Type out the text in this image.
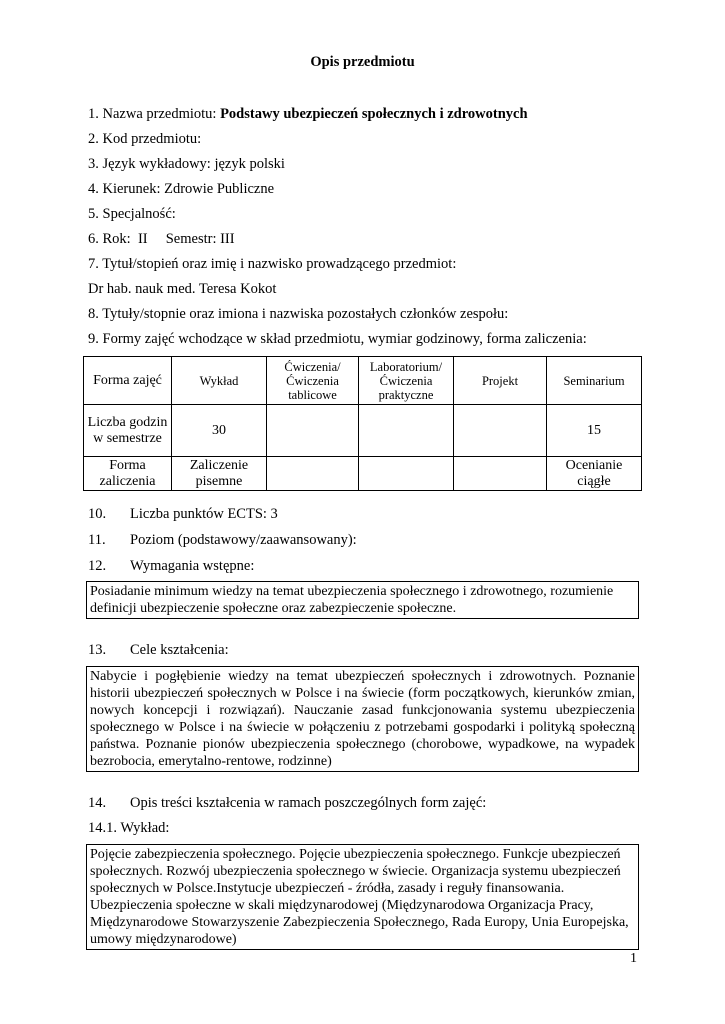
Opis przedmiotu
1. Nazwa przedmiotu: Podstawy ubezpieczeń społecznych i zdrowotnych
2. Kod przedmiotu:
3. Język wykładowy: język polski
4. Kierunek: Zdrowie Publiczne
5. Specjalność:
6. Rok:  II     Semestr: III
7. Tytuł/stopień oraz imię i nazwisko prowadzącego przedmiot:
Dr hab. nauk med. Teresa Kokot
8. Tytuły/stopnie oraz imiona i nazwiska pozostałych członków zespołu:
9. Formy zajęć wchodzące w skład przedmiotu, wymiar godzinowy, forma zaliczenia:
Forma zajęć	Wykład	Ćwiczenia/ Ćwiczenia tablicowe	Laboratorium/ Ćwiczenia praktyczne	Projekt	Seminarium
Liczba godzin w semestrze	30				15
Forma zaliczenia	Zaliczenie pisemne				Ocenianie ciągłe
10. Liczba punktów ECTS: 3
11. Poziom (podstawowy/zaawansowany):
12. Wymagania wstępne:
Posiadanie minimum wiedzy na temat ubezpieczenia społecznego i zdrowotnego, rozumienie definicji ubezpieczenie społeczne oraz zabezpieczenie społeczne.
13. Cele kształcenia:
Nabycie i pogłębienie wiedzy na temat ubezpieczeń społecznych i zdrowotnych. Poznanie historii ubezpieczeń społecznych w Polsce i na świecie (form początkowych, kierunków zmian, nowych koncepcji i rozwiązań). Nauczanie zasad funkcjonowania systemu ubezpieczenia społecznego w Polsce i na świecie w połączeniu z potrzebami gospodarki i polityką społeczną państwa. Poznanie pionów ubezpieczenia społecznego (chorobowe, wypadkowe, na wypadek bezrobocia, emerytalno-rentowe, rodzinne)
14. Opis treści kształcenia w ramach poszczególnych form zajęć:
14.1. Wykład:
Pojęcie zabezpieczenia społecznego. Pojęcie ubezpieczenia społecznego. Funkcje ubezpieczeń społecznych. Rozwój ubezpieczenia społecznego w świecie. Organizacja systemu ubezpieczeń społecznych w Polsce.Instytucje ubezpieczeń - źródła, zasady i reguły finansowania. Ubezpieczenia społeczne w skali międzynarodowej (Międzynarodowa Organizacja Pracy, Międzynarodowe Stowarzyszenie Zabezpieczenia Społecznego, Rada Europy, Unia Europejska, umowy międzynarodowe)
1
